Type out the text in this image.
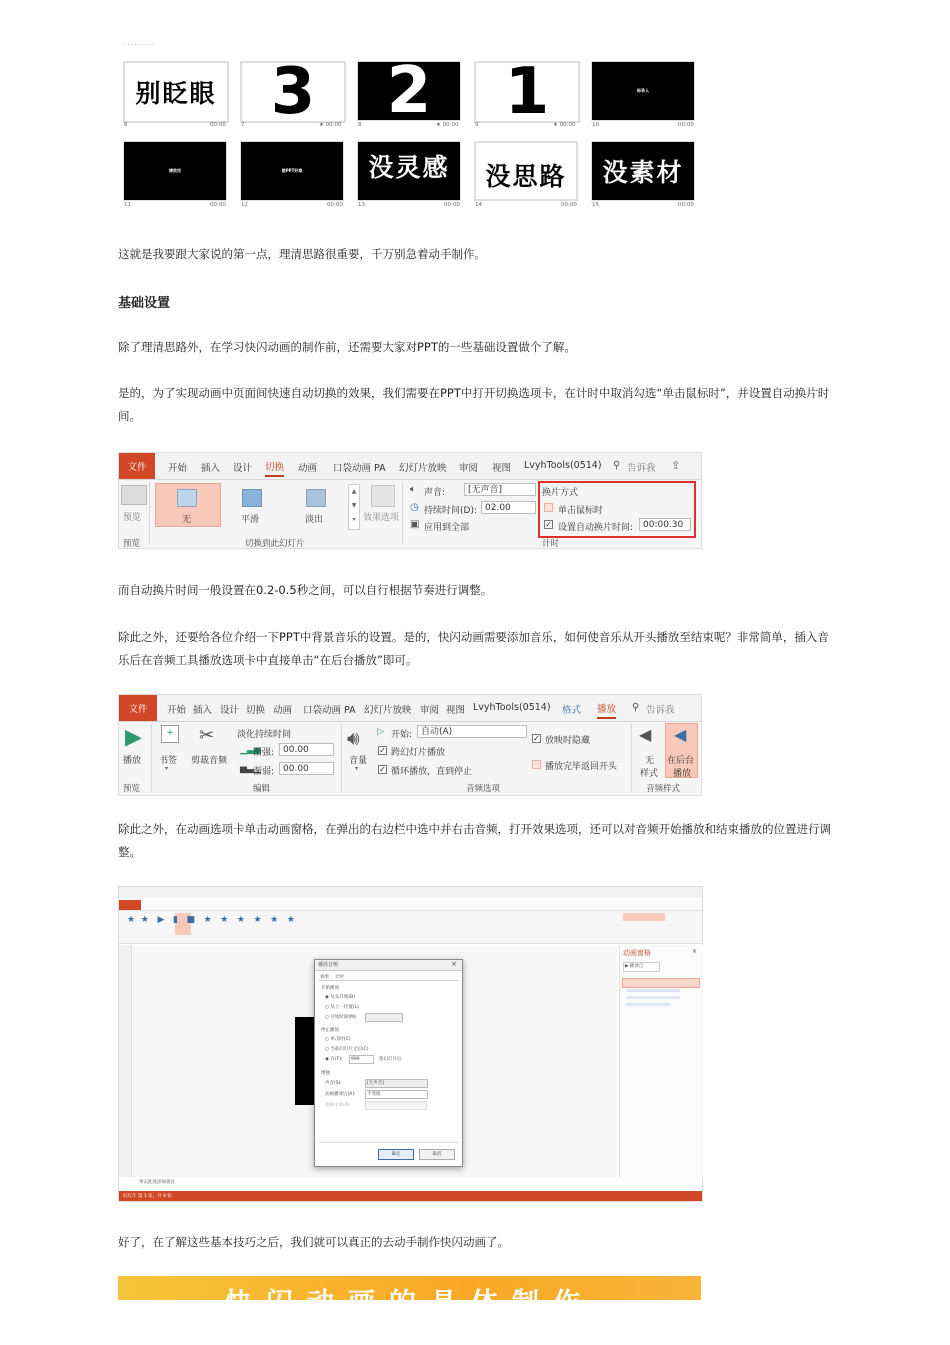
· · · · · · · · ·
别眨眼 3 2 1	标录人
6	00:00	7	★ 00:00	8	★ 00:00	9	★ 00:00	10	00:00
擦放用	做PPT好难	没灵感 没思路 没素材
11	00:00	12	00:00	13	00:00	14	00:00	15	00:00
这就是我要跟大家说的第一点，理清思路很重要，千万别急着动手制作。
基础设置
除了理清思路外，在学习快闪动画的制作前，还需要大家对PPT的一些基础设置做个了解。
是的，为了实现动画中页面间快速自动切换的效果，我们需要在PPT中打开切换选项卡，在计时中取消勾选“单击鼠标时”，并设置自动换片时间。
文件	开始 插入 设计 切换 动画 口袋动画 PA 幻灯片放映 审阅 视图 LvyhTools(0514) ⚲ 告诉我 ⇪
预览	无	平滑	淡出
▲
▼
▾ 效果选项
🔈︎ 声音:	[无声音]
◷ 持续时间(D): 02.00
▣ 应用到全部
换片方式
单击鼠标时
✓ 设置自动换片时间:	00:00.30
预览	切换到此幻灯片	计时
而自动换片时间一般设置在0.2-0.5秒之间，可以自行根据节奏进行调整。
除此之外，还要给各位介绍一下PPT中背景音乐的设置。是的，快闪动画需要添加音乐，如何使音乐从开头播放至结束呢？非常简单，插入音乐后在音频工具播放选项卡中直接单击“在后台播放”即可。
文件	开始 插入 设计 切换 动画 口袋动画 PA 幻灯片放映 审阅 视图 LvyhTools(0514) 格式 播放 ⚲ 告诉我
▶
播放
+
书签
▾
✂
剪裁音频
淡化持续时间
▁▃▅
渐强: 00.00
▅▃▁
渐弱: 00.00
🔊︎
音量
▾
▷ 开始: 自动(A)
✓ 跨幻灯片播放
✓ 循环播放，直到停止
✓ 放映时隐藏
播放完毕返回开头
◀
无
样式
◀
在后台
播放
预览	编辑	音频选项	音频样式
除此之外，在动画选项卡单击动画窗格，在弹出的右边栏中选中并右击音频，打开效果选项，还可以对音频开始播放和结束播放的位置进行调整。
★  ★   ▶   ▮   ■   ★   ★   ★   ★   ★   ★
播放音频	×
效果 计时
开始播放
◉ 从头开始(B)
○ 从上一位置(L)
○ 开始时间(M):
停止播放
○ 单击时(C)
○ 当前幻灯片之后(C)
◉ 在(F):	999	张幻灯片后
增强
声音(S):	[无声音]
动画播放后(A):	不变暗
动画文本(X):
确定	取消
动画窗格	×
▶ 播放自
单击此处添加备注
幻灯片 第 1 张，共 8 张
好了，在了解这些基本技巧之后，我们就可以真正的去动手制作快闪动画了。
快闪动画的具体制作
